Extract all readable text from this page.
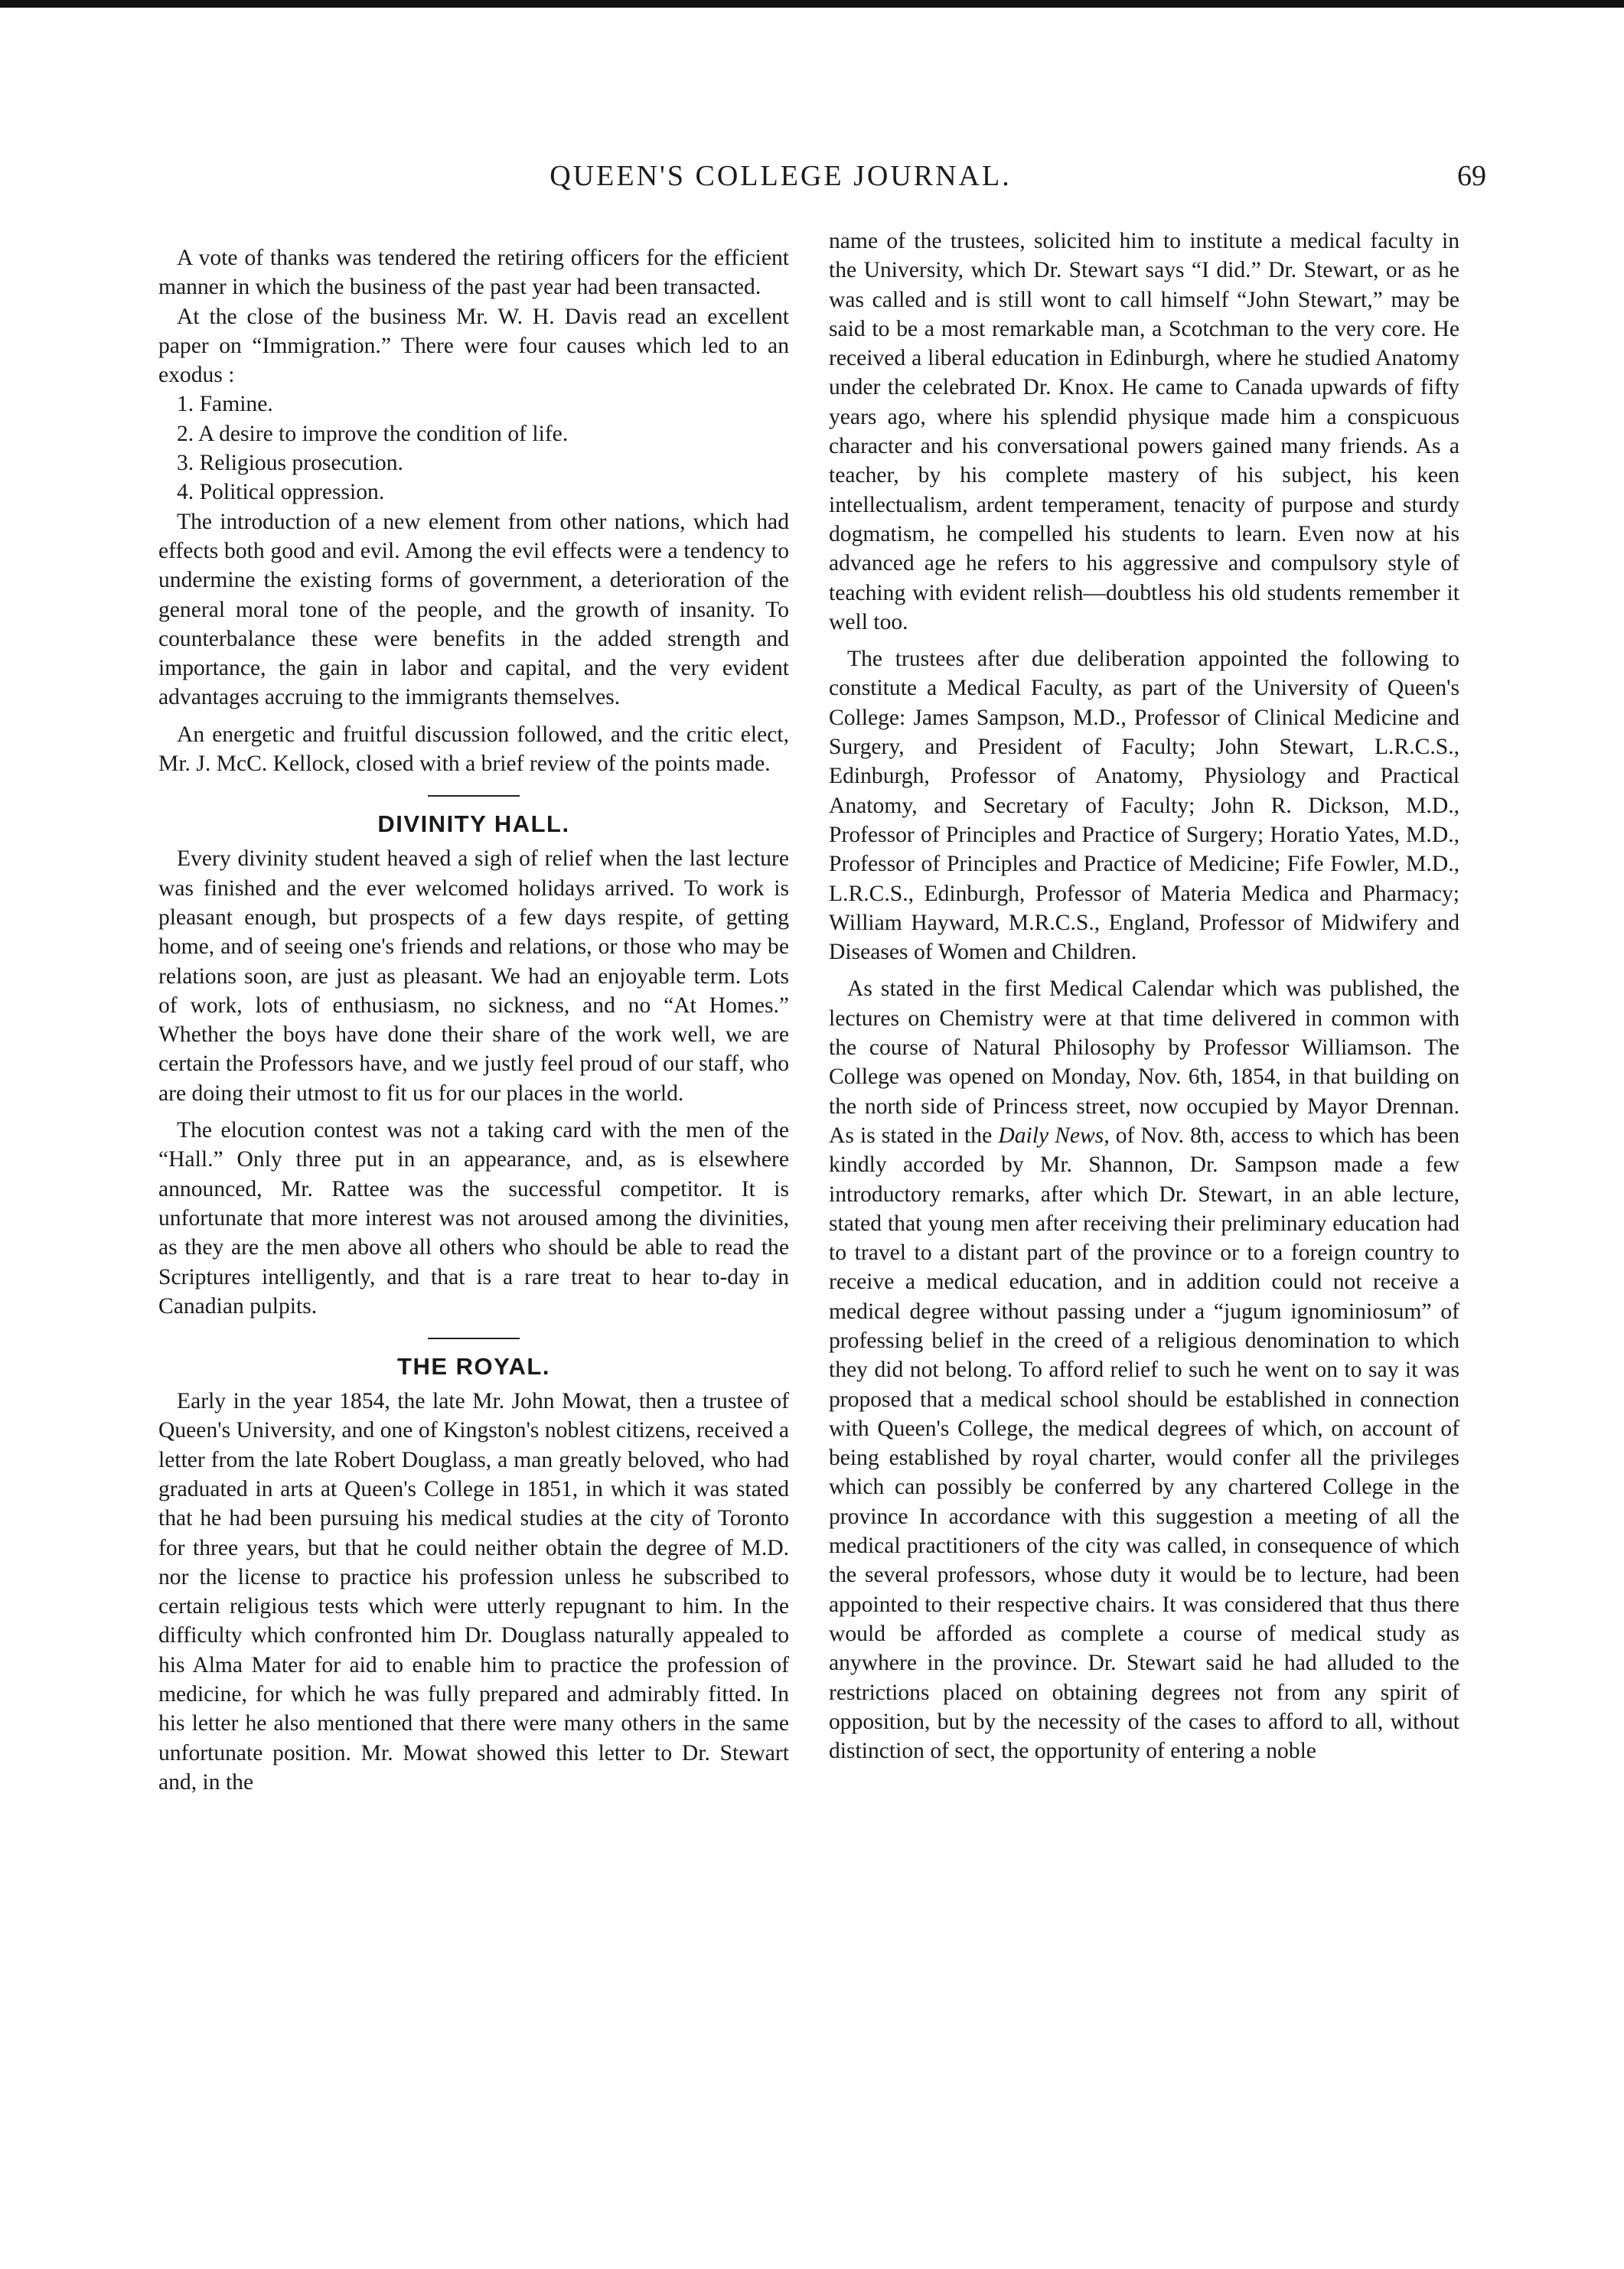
QUEEN'S COLLEGE JOURNAL.	69

A vote of thanks was tendered the retiring officers for the efficient manner in which the business of the past year had been transacted.

At the close of the business Mr. W. H. Davis read an excellent paper on “Immigration.” There were four causes which led to an exodus :

1. Famine.
2. A desire to improve the condition of life.
3. Religious prosecution.
4. Political oppression.

The introduction of a new element from other nations, which had effects both good and evil. Among the evil effects were a tendency to undermine the existing forms of government, a deterioration of the general moral tone of the people, and the growth of insanity. To counterbalance these were benefits in the added strength and importance, the gain in labor and capital, and the very evident advantages accruing to the immigrants themselves.

An energetic and fruitful discussion followed, and the critic elect, Mr. J. McC. Kellock, closed with a brief review of the points made.

DIVINITY HALL.

Every divinity student heaved a sigh of relief when the last lecture was finished and the ever welcomed holidays arrived. To work is pleasant enough, but prospects of a few days respite, of getting home, and of seeing one's friends and relations, or those who may be relations soon, are just as pleasant. We had an enjoyable term. Lots of work, lots of enthusiasm, no sickness, and no “At Homes.” Whether the boys have done their share of the work well, we are certain the Professors have, and we justly feel proud of our staff, who are doing their utmost to fit us for our places in the world.

The elocution contest was not a taking card with the men of the “Hall.” Only three put in an appearance, and, as is elsewhere announced, Mr. Rattee was the successful competitor. It is unfortunate that more interest was not aroused among the divinities, as they are the men above all others who should be able to read the Scriptures intelligently, and that is a rare treat to hear to-day in Canadian pulpits.

THE ROYAL.

Early in the year 1854, the late Mr. John Mowat, then a trustee of Queen's University, and one of Kingston's noblest citizens, received a letter from the late Robert Douglass, a man greatly beloved, who had graduated in arts at Queen's College in 1851, in which it was stated that he had been pursuing his medical studies at the city of Toronto for three years, but that he could neither obtain the degree of M.D. nor the license to practice his profession unless he subscribed to certain religious tests which were utterly repugnant to him. In the difficulty which confronted him Dr. Douglass naturally appealed to his Alma Mater for aid to enable him to practice the profession of medicine, for which he was fully prepared and admirably fitted. In his letter he also mentioned that there were many others in the same unfortunate position. Mr. Mowat showed this letter to Dr. Stewart and, in the

name of the trustees, solicited him to institute a medical faculty in the University, which Dr. Stewart says “I did.” Dr. Stewart, or as he was called and is still wont to call himself “John Stewart,” may be said to be a most remarkable man, a Scotchman to the very core. He received a liberal education in Edinburgh, where he studied Anatomy under the celebrated Dr. Knox. He came to Canada upwards of fifty years ago, where his splendid physique made him a conspicuous character and his conversational powers gained many friends. As a teacher, by his complete mastery of his subject, his keen intellectualism, ardent temperament, tenacity of purpose and sturdy dogmatism, he compelled his students to learn. Even now at his advanced age he refers to his aggressive and compulsory style of teaching with evident relish—doubtless his old students remember it well too.

The trustees after due deliberation appointed the following to constitute a Medical Faculty, as part of the University of Queen's College: James Sampson, M.D., Professor of Clinical Medicine and Surgery, and President of Faculty; John Stewart, L.R.C.S., Edinburgh, Professor of Anatomy, Physiology and Practical Anatomy, and Secretary of Faculty; John R. Dickson, M.D., Professor of Principles and Practice of Surgery; Horatio Yates, M.D., Professor of Principles and Practice of Medicine; Fife Fowler, M.D., L.R.C.S., Edinburgh, Professor of Materia Medica and Pharmacy; William Hayward, M.R.C.S., England, Professor of Midwifery and Diseases of Women and Children.

As stated in the first Medical Calendar which was published, the lectures on Chemistry were at that time delivered in common with the course of Natural Philosophy by Professor Williamson. The College was opened on Monday, Nov. 6th, 1854, in that building on the north side of Princess street, now occupied by Mayor Drennan. As is stated in the Daily News, of Nov. 8th, access to which has been kindly accorded by Mr. Shannon, Dr. Sampson made a few introductory remarks, after which Dr. Stewart, in an able lecture, stated that young men after receiving their preliminary education had to travel to a distant part of the province or to a foreign country to receive a medical education, and in addition could not receive a medical degree without passing under a “jugum ignominiosum” of professing belief in the creed of a religious denomination to which they did not belong. To afford relief to such he went on to say it was proposed that a medical school should be established in connection with Queen's College, the medical degrees of which, on account of being established by royal charter, would confer all the privileges which can possibly be conferred by any chartered College in the province In accordance with this suggestion a meeting of all the medical practitioners of the city was called, in consequence of which the several professors, whose duty it would be to lecture, had been appointed to their respective chairs. It was considered that thus there would be afforded as complete a course of medical study as anywhere in the province. Dr. Stewart said he had alluded to the restrictions placed on obtaining degrees not from any spirit of opposition, but by the necessity of the cases to afford to all, without distinction of sect, the opportunity of entering a noble
